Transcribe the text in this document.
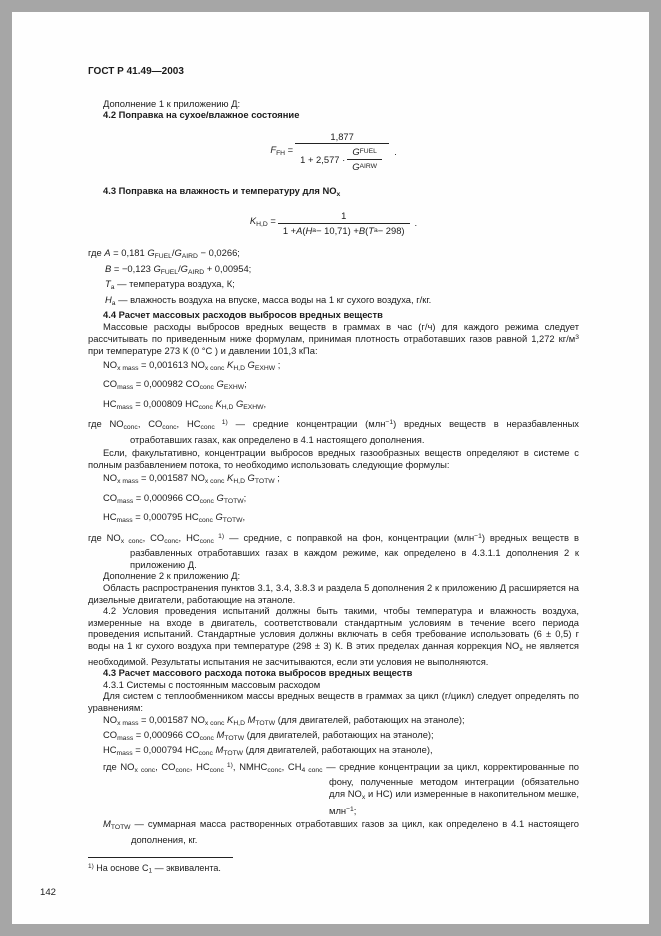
ГОСТ Р 41.49—2003

Дополнение 1 к приложению Д:

4.2 Поправка на сухое/влажное состояние

$F_{FH} = \frac{1,877}{1 + 2,577 \cdot \frac{\text{G FUEL}}{\text{G AIRW}}}$ .

4.3 Поправка на влажность и температуру для $NO_x$

$K_{H,D} = \frac{1}{\text{1 + A ( H a − 10,71) + B ( T a − 298)}}$ .

где A = 0,181 $G_{FUEL}/G_{AIRD} - 0,0266$;

B = −0,123 $G_{FUEL}/G_{AIRD} + 0,00954$;

$T_a$ — температура воздуха, К;

$H_a$ — влажность воздуха на впуске, масса воды на 1 кг сухого воздуха, г/кг.

4.4 Расчет массовых расходов выбросов вредных веществ

Массовые расходы выбросов вредных веществ в граммах в час (г/ч) для каждого режима следует рассчитывать по приведенным ниже формулам, принимая плотность отработавших газов равной 1,272 $кг/м^3$ при температуре 273 К (0 °С ) и давлении 101,3 кПа:

$NO_{x mass} = 0,001613$ $NO_{x conc}$ $K_{H,D}$ $G_{EXHW}$ ;

$CO_{mass} = 0,000982$ $CO_{conc}$ $G_{EXHW}$;

$HC_{mass} = 0,000809$ $HC_{conc}$ $K_{H,D}$ $G_{EXHW}$,

где $NO_{conc}$, $CO_{conc}$, $HC_{conc}$ $^{1)}$ — средние концентрации (млн$^{-1}$) вредных веществ в неразбавленных отработавших газах, как определено в 4.1 настоящего дополнения.

Если, факультативно, концентрации выбросов вредных газообразных веществ определяют в системе с полным разбавлением потока, то необходимо использовать следующие формулы:

$NO_{x mass} = 0,001587$ $NO_{x conc}$ $K_{H,D}$ $G_{TOTW}$ ;

$CO_{mass} = 0,000966$ $CO_{conc}$ $G_{TOTW}$;

$HC_{mass} = 0,000795$ $HC_{conc}$ $G_{TOTW}$,

где $NO_{x conc}$, $CO_{conc}$, $HC_{conc}$ $^{1)}$ — средние, с поправкой на фон, концентрации (млн$^{-1}$) вредных веществ в разбавленных отработавших газах в каждом режиме, как определено в 4.3.1.1 дополнения 2 к приложению Д.

Дополнение 2 к приложению Д:

Область распространения пунктов 3.1, 3.4, 3.8.3 и раздела 5 дополнения 2 к приложению Д расширяется на дизельные двигатели, работающие на этаноле.

4.2 Условия проведения испытаний должны быть такими, чтобы температура и влажность воздуха, измеренные на входе в двигатель, соответствовали стандартным условиям в течение всего периода проведения испытаний. Стандартные условия должны включать в себя требование использовать (6 ± 0,5) г воды на 1 кг сухого воздуха при температуре (298 ± 3) К. В этих пределах данная коррекция $NO_x$ не является необходимой. Результаты испытания не засчитываются, если эти условия не выполняются.

4.3 Расчет массового расхода потока выбросов вредных веществ

4.3.1 Системы с постоянным массовым расходом

Для систем с теплообменником массы вредных веществ в граммах за цикл (г/цикл) следует определять по уравнениям:

$NO_{x mass} = 0,001587$ $NO_{x conc}$ $K_{H,D}$ $M_{TOTW}$ (для двигателей, работающих на этаноле);

$CO_{mass} = 0,000966$ $CO_{conc}$ $M_{TOTW}$ (для двигателей, работающих на этаноле);

$HC_{mass} = 0,000794$ $HC_{conc}$ $M_{TOTW}$ (для двигателей, работающих на этаноле),

где $NO_{x conc}$, $CO_{conc}$, $HC_{conc}$ $^{1)}$, $NMHC_{conc}$, $CH_{4 conc}$ — средние концентрации за цикл, корректированные по фону, полученные методом интеграции (обязательно для $NO_x$ и НС) или измеренные в накопительном мешке, млн$^{-1}$;

$M_{TOTW}$ — суммарная масса растворенных отработавших газов за цикл, как определено в 4.1 настоящего дополнения, кг.

$^{1)}$ На основе $С_1$ — эквивалента.

142
